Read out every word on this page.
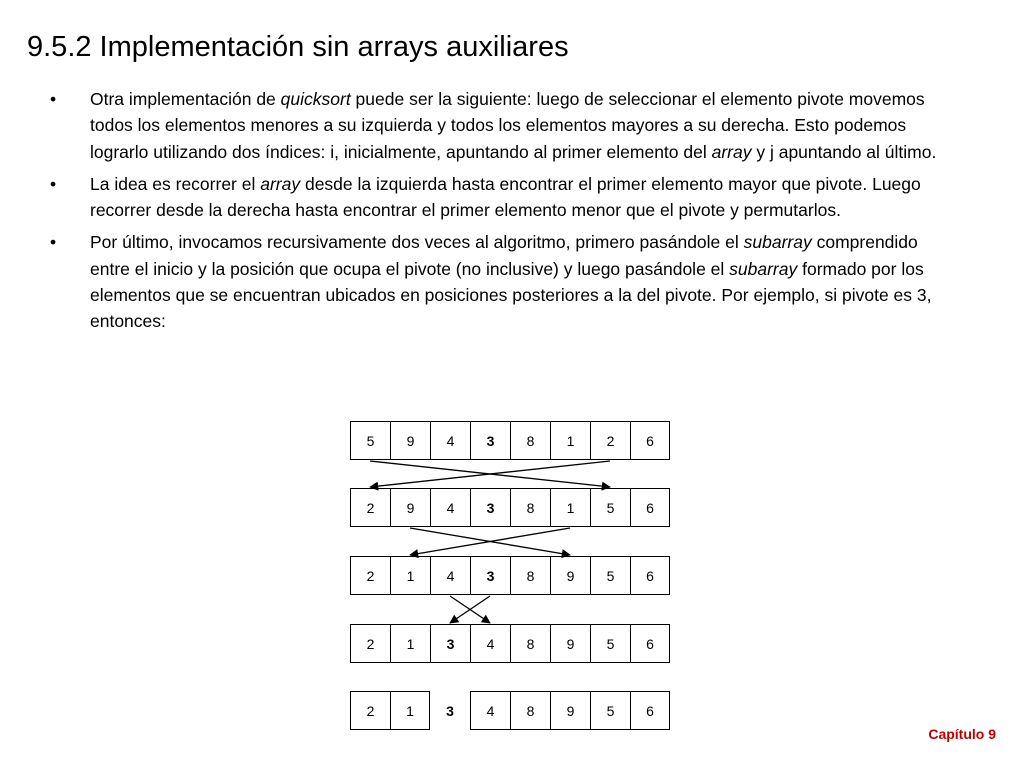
9.5.2 Implementación sin arrays auxiliares
• Otra implementación de quicksort puede ser la siguiente: luego de seleccionar el elemento pivote movemos todos los elementos menores a su izquierda y todos los elementos mayores a su derecha. Esto podemos lograrlo utilizando dos índices: i, inicialmente, apuntando al primer elemento del array y j apuntando al último.
• La idea es recorrer el array desde la izquierda hasta encontrar el primer elemento mayor que pivote. Luego recorrer desde la derecha hasta encontrar el primer elemento menor que el pivote y permutarlos.
• Por último, invocamos recursivamente dos veces al algoritmo, primero pasándole el subarray comprendido entre el inicio y la posición que ocupa el pivote (no inclusive) y luego pasándole el subarray formado por los elementos que se encuentran ubicados en posiciones posteriores a la del pivote. Por ejemplo, si pivote es 3, entonces:
5	9	4	3	8	1	2	6
2	9	4	3	8	1	5	6
2	1	4	3	8	9	5	6
2	1	3	4	8	9	5	6
2	1	3	4	8	9	5	6
Capítulo 9
